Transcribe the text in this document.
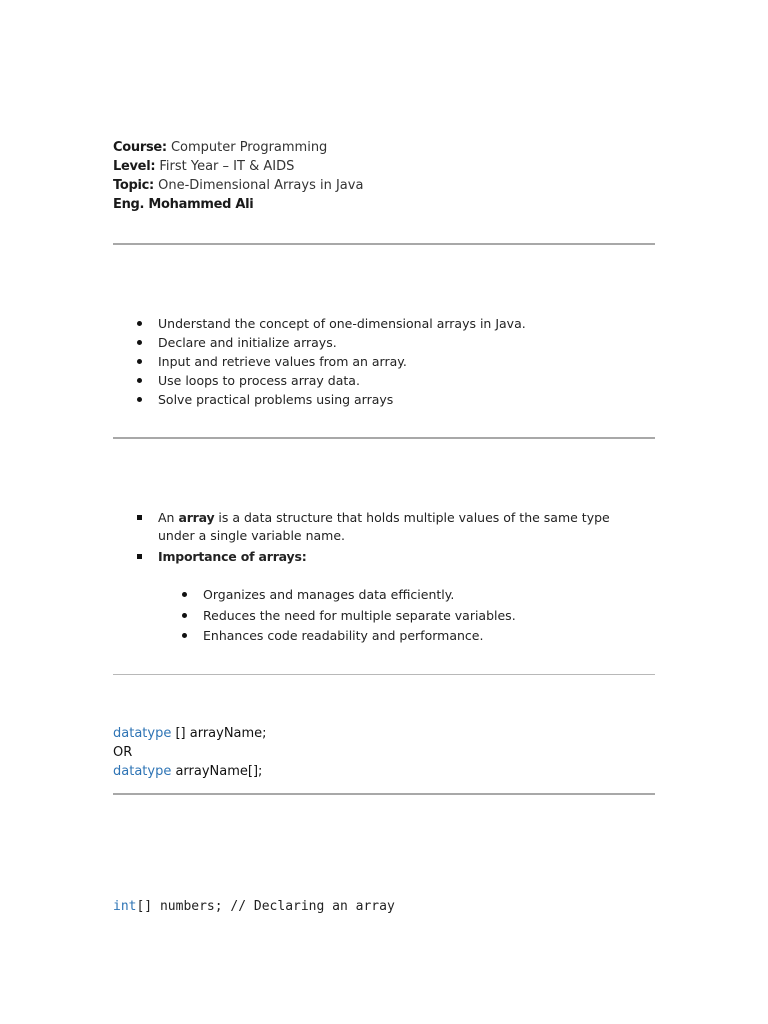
Course: Computer Programming
Level: First Year – IT & AIDS
Topic: One-Dimensional Arrays in Java
Eng. Mohammed Ali
Understand the concept of one-dimensional arrays in Java.
Declare and initialize arrays.
Input and retrieve values from an array.
Use loops to process array data.
Solve practical problems using arrays
An array is a data structure that holds multiple values of the same type under a single variable name.
Importance of arrays:
Organizes and manages data efficiently.
Reduces the need for multiple separate variables.
Enhances code readability and performance.
datatype [] arrayName;
OR
datatype arrayName[];
int[] numbers; // Declaring an array
